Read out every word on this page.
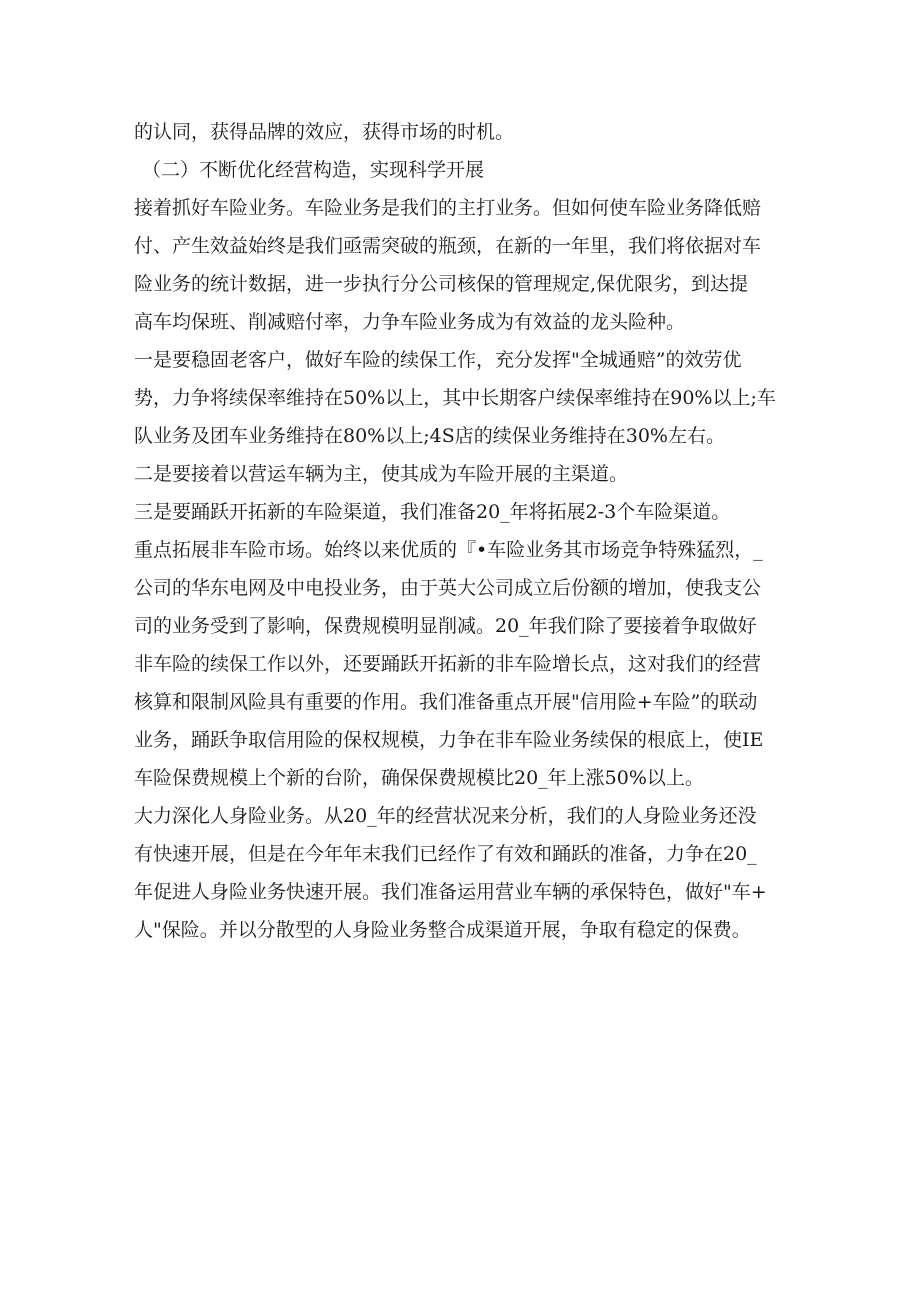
的认同，获得品牌的效应，获得市场的时机。
（二）不断优化经营构造，实现科学开展
接着抓好车险业务。车险业务是我们的主打业务。但如何使车险业务降低赔
付、产生效益始终是我们亟需突破的瓶颈，在新的一年里，我们将依据对车
险业务的统计数据，进一步执行分公司核保的管理规定,保优限劣，到达提
高车均保班、削减赔付率，力争车险业务成为有效益的龙头险种。
一是要稳固老客户，做好车险的续保工作，充分发挥"全城通赔”的效劳优
势，力争将续保率维持在50%以上，其中长期客户续保率维持在90%以上;车
队业务及团车业务维持在80%以上;4S店的续保业务维持在30%左右。
二是要接着以营运车辆为主，使其成为车险开展的主渠道。
三是要踊跃开拓新的车险渠道，我们准备20_年将拓展2-3个车险渠道。
重点拓展非车险市场。始终以来优质的『•车险业务其市场竞争特殊猛烈，_
公司的华东电网及中电投业务，由于英大公司成立后份额的增加，使我支公
司的业务受到了影响，保费规模明显削减。20_年我们除了要接着争取做好
非车险的续保工作以外，还要踊跃开拓新的非车险增长点，这对我们的经营
核算和限制风险具有重要的作用。我们准备重点开展"信用险+车险”的联动
业务，踊跃争取信用险的保权规模，力争在非车险业务续保的根底上，使IE
车险保费规模上个新的台阶，确保保费规模比20_年上涨50%以上。
大力深化人身险业务。从20_年的经营状况来分析，我们的人身险业务还没
有快速开展，但是在今年年末我们已经作了有效和踊跃的准备，力争在20_
年促进人身险业务快速开展。我们准备运用营业车辆的承保特色，做好"车+
人"保险。并以分散型的人身险业务整合成渠道开展，争取有稳定的保费。
